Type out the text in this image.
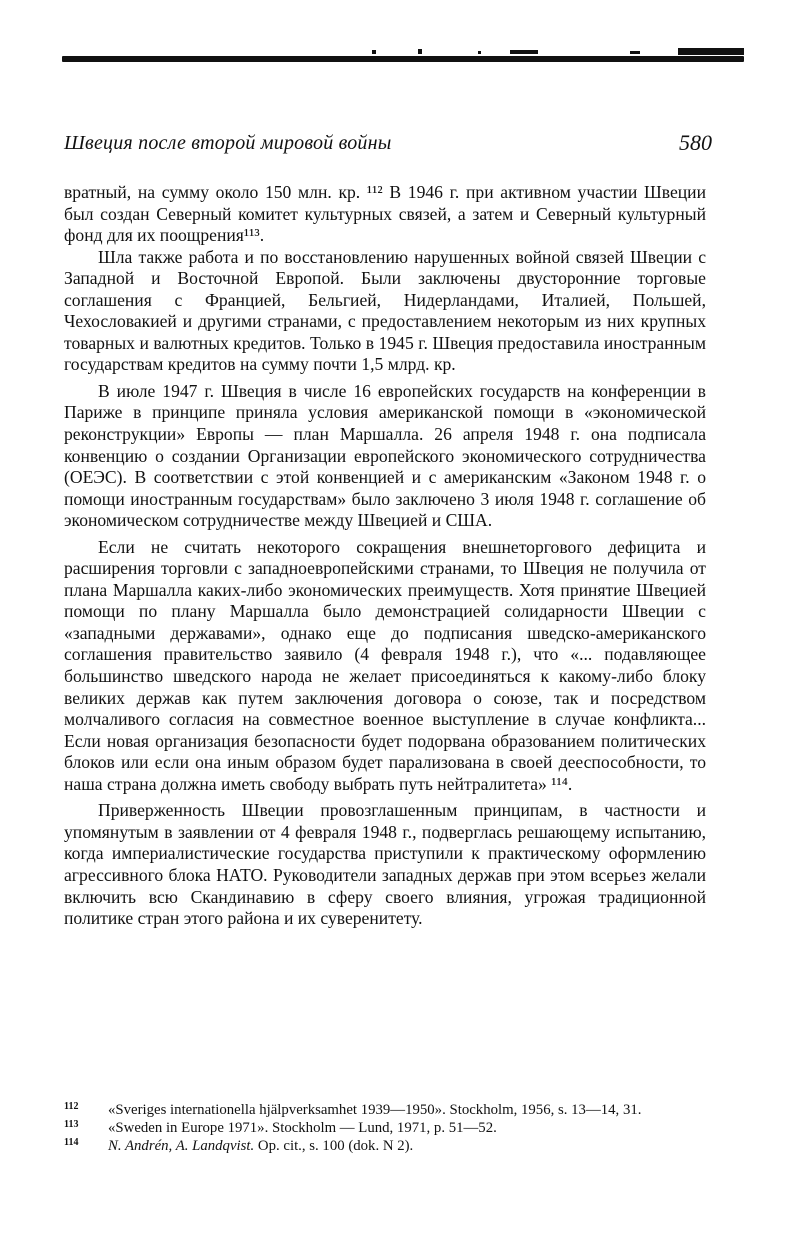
Швеция после второй мировой войны	580

вратный, на сумму около 150 млн. кр. ¹¹² В 1946 г. при активном участии Швеции был создан Северный комитет культурных связей, а затем и Северный культурный фонд для их поощрения¹¹³.

Шла также работа и по восстановлению нарушенных войной связей Швеции с Западной и Восточной Европой. Были заключены двусторонние торговые соглашения с Францией, Бельгией, Нидерландами, Италией, Польшей, Чехословакией и другими странами, с предоставлением некоторым из них крупных товарных и валютных кредитов. Только в 1945 г. Швеция предоставила иностранным государствам кредитов на сумму почти 1,5 млрд. кр.

В июле 1947 г. Швеция в числе 16 европейских государств на конференции в Париже в принципе приняла условия американской помощи в «экономической реконструкции» Европы — план Маршалла. 26 апреля 1948 г. она подписала конвенцию о создании Организации европейского экономического сотрудничества (ОЕЭС). В соответствии с этой конвенцией и с американским «Законом 1948 г. о помощи иностранным государствам» было заключено 3 июля 1948 г. соглашение об экономическом сотрудничестве между Швецией и США.

Если не считать некоторого сокращения внешнеторгового дефицита и расширения торговли с западноевропейскими странами, то Швеция не получила от плана Маршалла каких-либо экономических преимуществ. Хотя принятие Швецией помощи по плану Маршалла было демонстрацией солидарности Швеции с «западными державами», однако еще до подписания шведско-американского соглашения правительство заявило (4 февраля 1948 г.), что «... подавляющее большинство шведского народа не желает присоединяться к какому-либо блоку великих держав как путем заключения договора о союзе, так и посредством молчаливого согласия на совместное военное выступление в случае конфликта... Если новая организация безопасности будет подорвана образованием политических блоков или если она иным образом будет парализована в своей дееспособности, то наша страна должна иметь свободу выбрать путь нейтралитета» ¹¹⁴.

Приверженность Швеции провозглашенным принципам, в частности и упомянутым в заявлении от 4 февраля 1948 г., подверглась решающему испытанию, когда империалистические государства приступили к практическому оформлению агрессивного блока НАТО. Руководители западных держав при этом всерьез желали включить всю Скандинавию в сферу своего влияния, угрожая традиционной политике стран этого района и их суверенитету.

112 «Sveriges internationella hjälpverksamhet 1939—1950». Stockholm, 1956, s. 13—14, 31.
113 «Sweden in Europe 1971». Stockholm — Lund, 1971, p. 51—52.
114 N. Andrén, A. Landqvist. Op. cit., s. 100 (dok. N 2).
